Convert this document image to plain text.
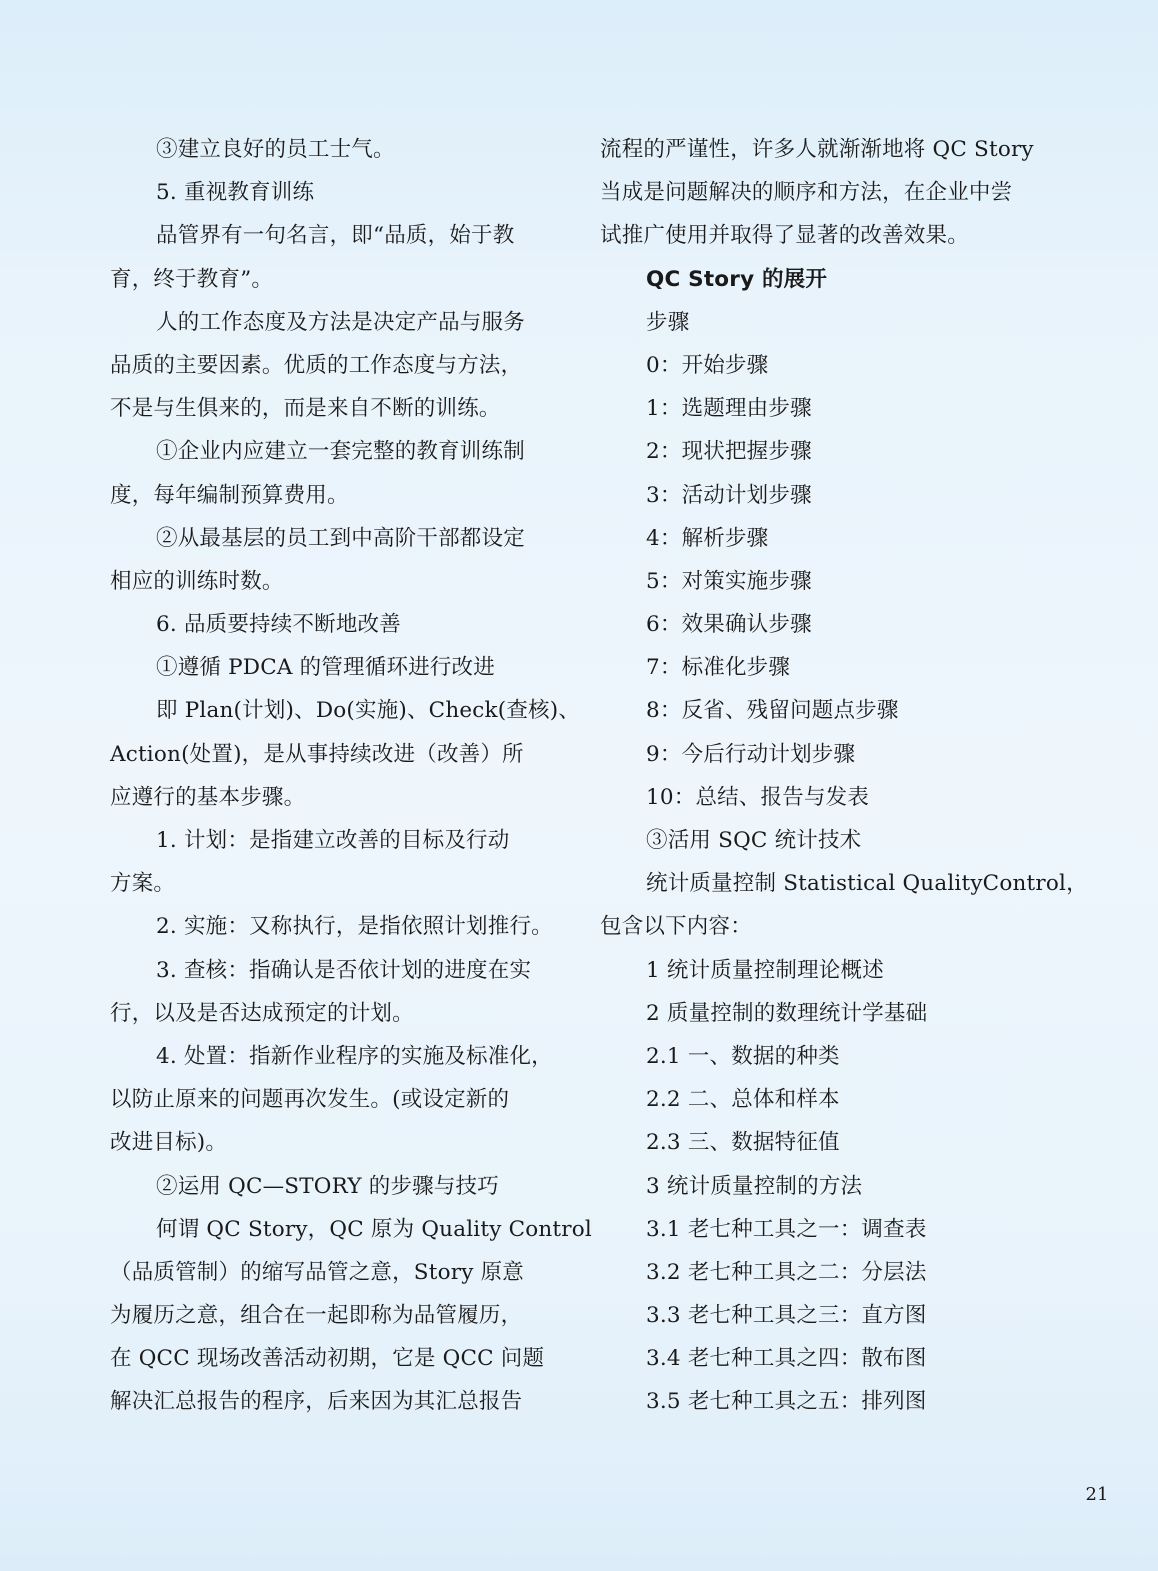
③建立良好的员工士气。
5. 重视教育训练
品管界有一句名言，即“品质，始于教
育，终于教育”。
人的工作态度及方法是决定产品与服务
品质的主要因素。优质的工作态度与方法，
不是与生俱来的，而是来自不断的训练。
①企业内应建立一套完整的教育训练制
度，每年编制预算费用。
②从最基层的员工到中高阶干部都设定
相应的训练时数。
6. 品质要持续不断地改善
①遵循 PDCA 的管理循环进行改进
即 Plan(计划)、Do(实施)、Check(查核)、
Action(处置)，是从事持续改进（改善）所
应遵行的基本步骤。
1. 计划：是指建立改善的目标及行动
方案。
2. 实施：又称执行，是指依照计划推行。
3. 查核：指确认是否依计划的进度在实
行，以及是否达成预定的计划。
4. 处置：指新作业程序的实施及标准化，
以防止原来的问题再次发生。(或设定新的
改进目标)。
②运用 QC—STORY 的步骤与技巧
何谓 QC Story，QC 原为 Quality Control
（品质管制）的缩写品管之意，Story 原意
为履历之意，组合在一起即称为品管履历，
在 QCC 现场改善活动初期，它是 QCC 问题
解决汇总报告的程序，后来因为其汇总报告
流程的严谨性，许多人就渐渐地将 QC Story
当成是问题解决的顺序和方法，在企业中尝
试推广使用并取得了显著的改善效果。
QC Story 的展开
步骤
0：开始步骤
1：选题理由步骤
2：现状把握步骤
3：活动计划步骤
4：解析步骤
5：对策实施步骤
6：效果确认步骤
7：标准化步骤
8：反省、残留问题点步骤
9：今后行动计划步骤
10：总结、报告与发表
③活用 SQC 统计技术
统计质量控制 Statistical QualityControl，
包含以下内容：
1 统计质量控制理论概述
2 质量控制的数理统计学基础
2.1 一、数据的种类
2.2 二、总体和样本
2.3 三、数据特征值
3 统计质量控制的方法
3.1 老七种工具之一：调查表
3.2 老七种工具之二：分层法
3.3 老七种工具之三：直方图
3.4 老七种工具之四：散布图
3.5 老七种工具之五：排列图
21
